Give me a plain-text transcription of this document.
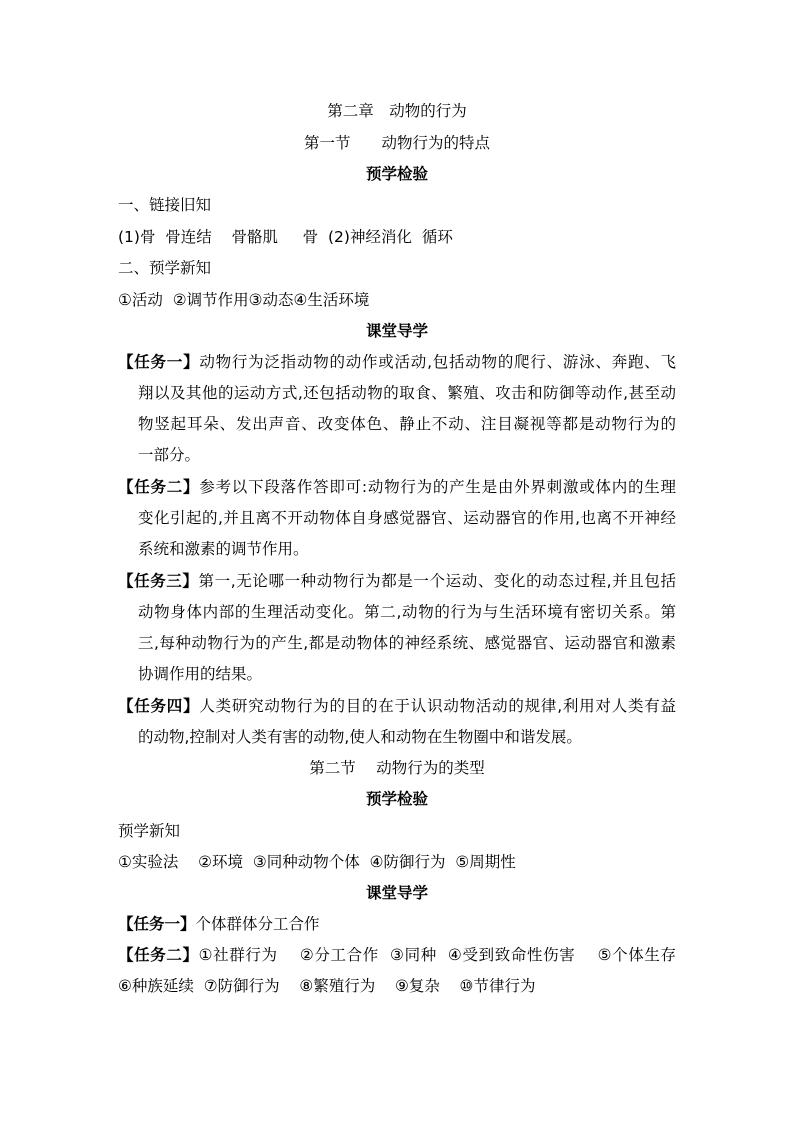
第二章　动物的行为
第一节　　动物行为的特点
预学检验
一、链接旧知
(1)骨  骨连结    骨骼肌     骨  (2)神经消化  循环
二、预学新知
①活动  ②调节作用③动态④生活环境
课堂导学
【任务一】动物行为泛指动物的动作或活动,包括动物的爬行、游泳、奔跑、飞
翔以及其他的运动方式,还包括动物的取食、繁殖、攻击和防御等动作,甚至动
物竖起耳朵、发出声音、改变体色、静止不动、注目凝视等都是动物行为的
一部分。
【任务二】参考以下段落作答即可:动物行为的产生是由外界刺激或体内的生理
变化引起的,并且离不开动物体自身感觉器官、运动器官的作用,也离不开神经
系统和激素的调节作用。
【任务三】第一,无论哪一种动物行为都是一个运动、变化的动态过程,并且包括
动物身体内部的生理活动变化。第二,动物的行为与生活环境有密切关系。第
三,每种动物行为的产生,都是动物体的神经系统、感觉器官、运动器官和激素
协调作用的结果。
【任务四】人类研究动物行为的目的在于认识动物活动的规律,利用对人类有益
的动物,控制对人类有害的动物,使人和动物在生物圈中和谐发展。
第二节　 动物行为的类型
预学检验
预学新知
①实验法    ②环境  ③同种动物个体  ④防御行为  ⑤周期性
课堂导学
【任务一】个体群体分工合作
【任务二】①社群行为    ②分工合作  ③同种  ④受到致命性伤害    ⑤个体生存
⑥种族延续  ⑦防御行为    ⑧繁殖行为    ⑨复杂    ⑩节律行为
